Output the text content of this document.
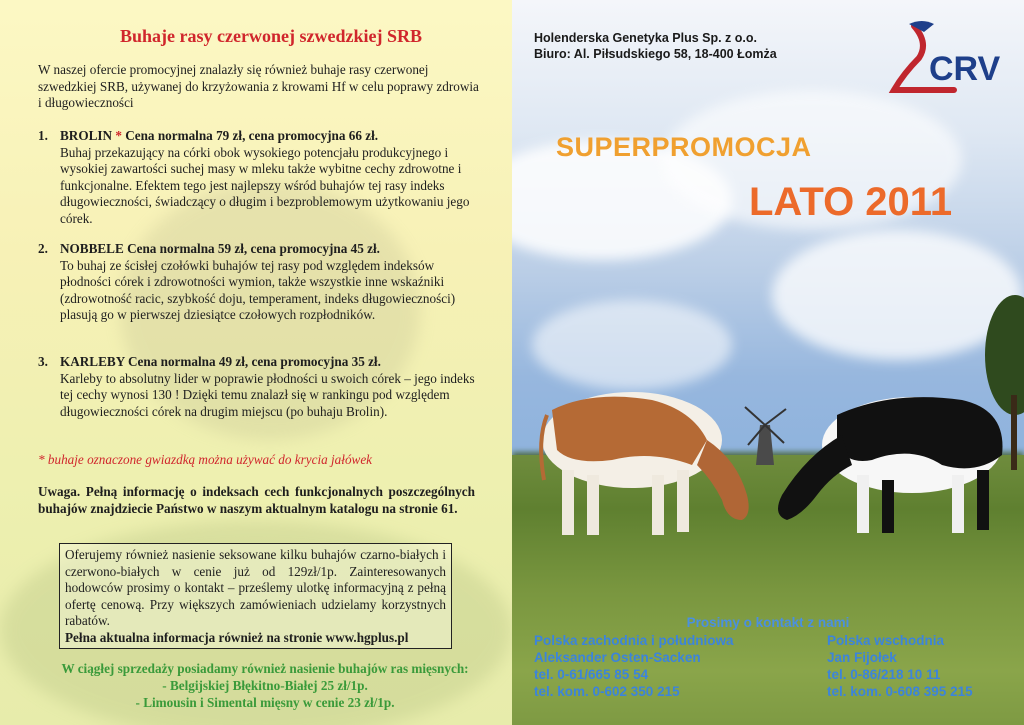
Buhaje rasy czerwonej szwedzkiej SRB

W naszej ofercie promocyjnej znalazły się również buhaje rasy czerwonej szwedzkiej SRB, używanej do krzyżowania z krowami Hf w celu poprawy zdrowia i długowieczności

1. BROLIN * Cena normalna 79 zł, cena promocyjna 66 zł.
Buhaj przekazujący na córki obok wysokiego potencjału produkcyjnego i wysokiej zawartości suchej masy w mleku także wybitne cechy zdrowotne i funkcjonalne. Efektem tego jest najlepszy wśród buhajów tej rasy indeks długowieczności, świadczący o długim i bezproblemowym użytkowaniu jego córek.
2. NOBBELE Cena normalna 59 zł, cena promocyjna 45 zł.
To buhaj ze ścisłej czołówki buhajów tej rasy pod względem indeksów płodności córek i zdrowotności wymion, także wszystkie inne wskaźniki (zdrowotność racic, szybkość doju, temperament, indeks długowieczności) plasują go w pierwszej dziesiątce czołowych rozpłodników.
3. KARLEBY Cena normalna 49 zł, cena promocyjna 35 zł.
Karleby to absolutny lider w poprawie płodności u swoich córek – jego indeks tej cechy wynosi 130 ! Dzięki temu znalazł się w rankingu pod względem długowieczności córek na drugim miejscu (po buhaju Brolin).

* buhaje oznaczone gwiazdką można używać do krycia jałówek

Uwaga. Pełną informację o indeksach cech funkcjonalnych poszczególnych buhajów znajdziecie Państwo w naszym aktualnym katalogu na stronie 61.

Oferujemy również nasienie seksowane kilku buhajów czarno-białych i czerwono-białych w cenie już od 129zł/1p. Zainteresowanych hodowców prosimy o kontakt – prześlemy ulotkę informacyjną z pełną ofertę cenową. Przy większych zamówieniach udzielamy korzystnych rabatów.

Pełna aktualna informacja również na stronie www.hgplus.pl

W ciągłej sprzedaży posiadamy również nasienie buhajów ras mięsnych:

- Belgijskiej Błękitno-Białej 25 zł/1p.

- Limousin i Simental mięsny w cenie 23 zł/1p.

Holenderska Genetyka Plus Sp. z o.o.
Biuro: Al. Piłsudskiego 58, 18-400 Łomża	CRV
SUPERPROMOCJA
LATO 2011
Prosimy o kontakt z nami
Polska zachodnia i południowa
Aleksander Osten-Sacken
tel. 0-61/665 85 54
tel. kom. 0-602 350 215
Polska wschodnia
Jan Fijołek
tel. 0-86/218 10 11
tel. kom. 0-608 395 215
